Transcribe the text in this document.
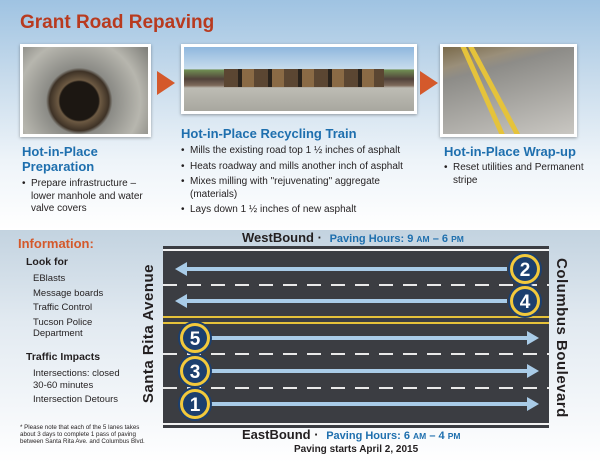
Grant Road Repaving
Hot-in-Place Preparation
• Prepare infrastructure – lower manhole and water valve covers
Hot-in-Place Recycling Train
• Mills the existing road top 1 ½ inches of asphalt
• Heats roadway and mills another inch of asphalt
• Mixes milling with "rejuvenating" aggregate (materials)
• Lays down 1 ½ inches of new asphalt
Hot-in-Place Wrap-up
• Reset utilities and Permanent stripe
Information:
Look for
EBlasts
Message boards
Traffic Control
Tucson Police Department
Traffic Impacts
Intersections: closed 30-60 minutes
Intersection Detours
* Please note that each of the 5 lanes takes about 3 days to complete 1 pass of paving between Santa Rita Ave. and Columbus Blvd.
WestBound · Paving Hours: 9 AM – 6 PM
2
4
5
3
1
Santa Rita Avenue	Columbus Boulevard
EastBound · Paving Hours: 6 AM – 4 PM
Paving starts April 2, 2015
